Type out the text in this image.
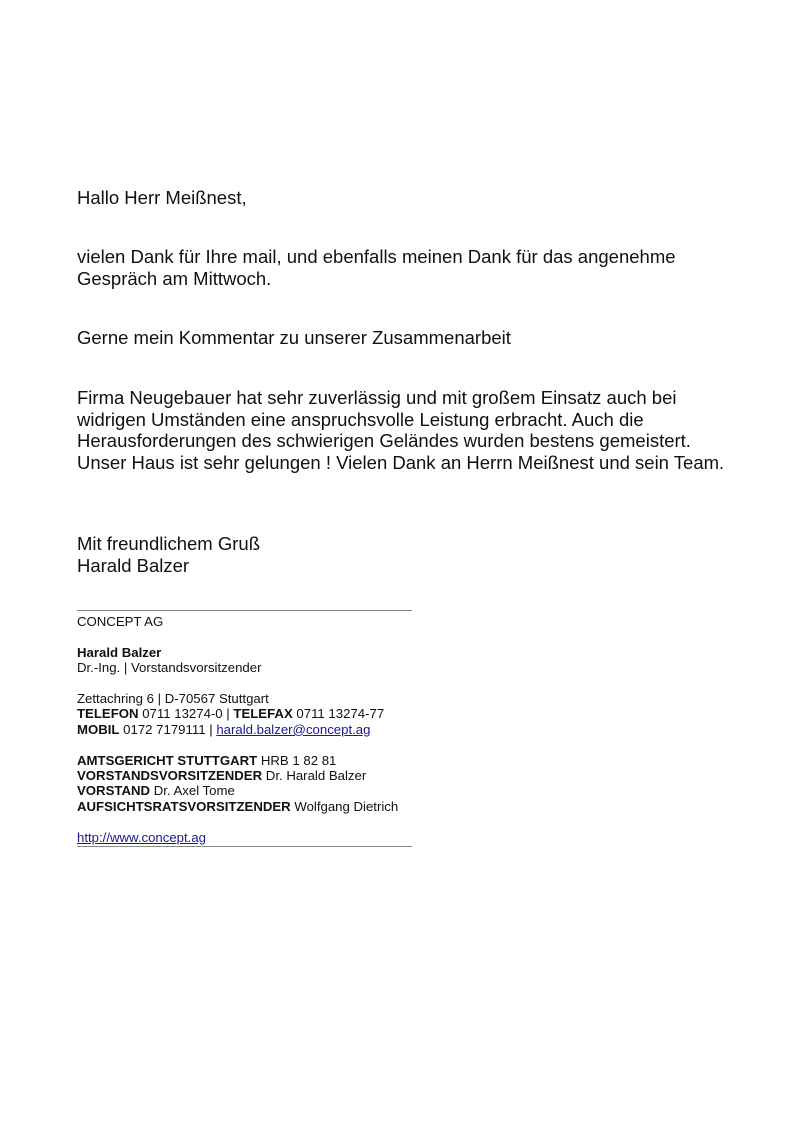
Hallo Herr Meißnest,

vielen Dank für Ihre mail, und ebenfalls meinen Dank für das angenehme Gespräch am Mittwoch.

Gerne mein Kommentar zu unserer Zusammenarbeit

Firma Neugebauer hat sehr zuverlässig und mit großem Einsatz auch bei widrigen Umständen eine anspruchsvolle Leistung erbracht. Auch die Herausforderungen des schwierigen Geländes wurden bestens gemeistert. Unser Haus ist sehr gelungen ! Vielen Dank an Herrn Meißnest und sein Team.

Mit freundlichem Gruß
Harald Balzer

CONCEPT AG
Harald Balzer
Dr.-Ing. | Vorstandsvorsitzender
Zettachring 6 | D-70567 Stuttgart
TELEFON 0711 13274-0 | TELEFAX 0711 13274-77
MOBIL 0172 7179111 | harald.balzer@concept.ag
AMTSGERICHT STUTTGART HRB 1 82 81
VORSTANDSVORSITZENDER Dr. Harald Balzer
VORSTAND Dr. Axel Tome
AUFSICHTSRATSVORSITZENDER Wolfgang Dietrich
http://www.concept.ag
